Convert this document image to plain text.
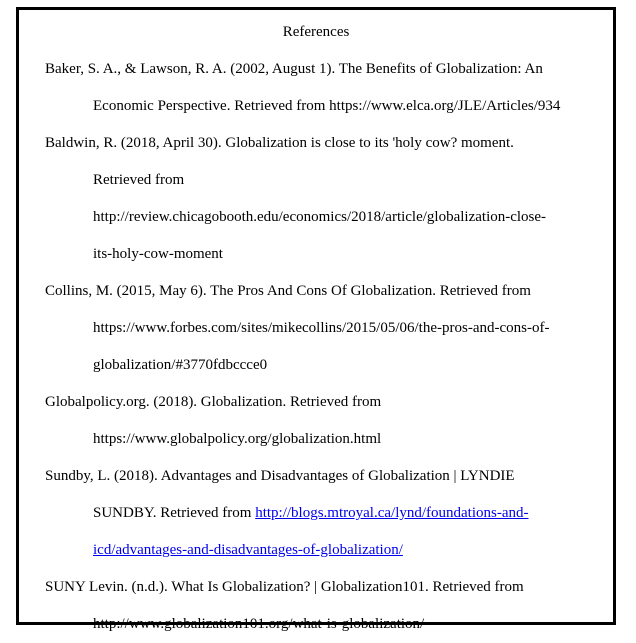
References
Baker, S. A., & Lawson, R. A. (2002, August 1). The Benefits of Globalization: An
Economic Perspective. Retrieved from https://www.elca.org/JLE/Articles/934
Baldwin, R. (2018, April 30). Globalization is close to its 'holy cow? moment.
Retrieved from
http://review.chicagobooth.edu/economics/2018/article/globalization-close-
its-holy-cow-moment
Collins, M. (2015, May 6). The Pros And Cons Of Globalization. Retrieved from
https://www.forbes.com/sites/mikecollins/2015/05/06/the-pros-and-cons-of-
globalization/#3770fdbccce0
Globalpolicy.org. (2018). Globalization. Retrieved from
https://www.globalpolicy.org/globalization.html
Sundby, L. (2018). Advantages and Disadvantages of Globalization | LYNDIE
SUNDBY. Retrieved from http://blogs.mtroyal.ca/lynd/foundations-and-
icd/advantages-and-disadvantages-of-globalization/
SUNY Levin. (n.d.). What Is Globalization? | Globalization101. Retrieved from
http://www.globalization101.org/what-is-globalization/
